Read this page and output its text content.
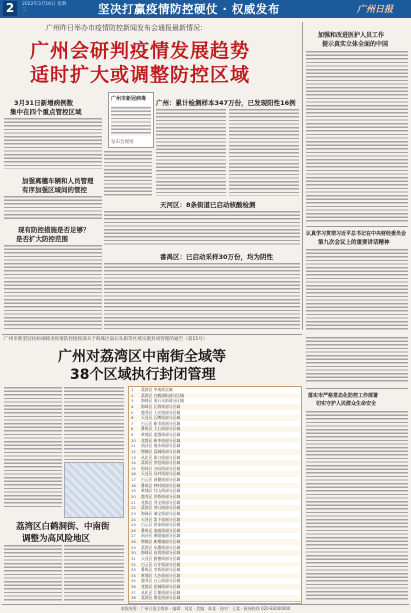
2	2022年3月16日 星期三	坚决打赢疫情防控硬仗 · 权威发布	广州日报
广州昨日举办市疫情防控新闻发布会通报最新情况：
广州会研判疫情发展趋势
适时扩大或调整防控区域
3月31日新增病例数
集中在四个重点管控区域
广州市新冠病毒
发布会现场
广州：累计检测样本347万份，已发现阳性16例
加强离穗车辆和人员管理
有序加强区域间的管控
天河区：8条街道已启动核酸检测
现有防控措施是否足够？
是否扩大防控范围
番禺区：已启动采样30万份，均为阴性
加强和改进医护人员工作
提示真实立体全面的中国
认真学习贯彻习近平总书记在中央财经委员会
第九次会议上的重要讲话精神
广州市新型冠状病毒肺炎疫情防控指挥部关于海珠区南石头街等区域实施封闭管理的通告（第15号）
广州对荔湾区中南街全域等
38个区域执行封闭管理
落实市严格常态化防控工作部署
切实守护人民群众生命安全
荔湾区白鹤洞街、中南街
调整为高风险地区
1 荔湾区 中南街全域
2 荔湾区 白鹤洞街部分区域
3 海珠区 南石头街部分区域
4 海珠区 江海街部分区域
5 越秀区 人民街部分区域
6 天河区 石牌街部分区域
7 白云区 新市街部分区域
8 番禺区 大石街部分区域
9 黄埔区 夏港街部分区域
10 花都区 新华街部分区域
11 南沙区 南沙街部分区域
12 增城区 荔城街部分区域
13 从化区 街口街部分区域
14 荔湾区 茶滘街部分区域
15 海珠区 沙园街部分区域
16 天河区 员村街部分区域
17 白云区 同德街部分区域
18 番禺区 钟村街部分区域
19 黄埔区 红山街部分区域
20 越秀区 洪桥街部分区域
21 花都区 秀全街部分区域
22 荔湾区 冲口街部分区域
23 海珠区 瑞宝街部分区域
24 天河区 棠下街部分区域
25 白云区 景泰街部分区域
26 番禺区 洛浦街部分区域
27 南沙区 黄阁镇部分区域
28 增城区 新塘镇部分区域
29 荔湾区 东漖街部分区域
30 海珠区 昌岗街部分区域
31 天河区 猎德街部分区域
32 白云区 石井街部分区域
33 番禺区 市桥街部分区域
34 黄埔区 大沙街部分区域
35 越秀区 白云街部分区域
36 花都区 花城街部分区域
37 从化区 江埔街部分区域
38 荔湾区 海龙街部分区域
本版统筹：广州日报全媒体 · 编辑：刘某 · 美编：陈某 · 校对：王某 · 新闻热线 020-83000000
